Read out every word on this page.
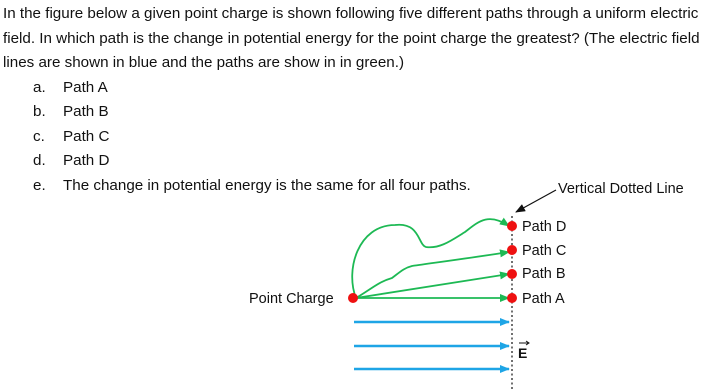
In the figure below a given point charge is shown following five different paths through a uniform electric field. In which path is the change in potential energy for the point charge the greatest? (The electric field lines are shown in blue and the paths are show in in green.)

a.	Path A
b.	Path B
c.	Path C
d.	Path D
e.	The change in potential energy is the same for all four paths.	Vertical Dotted Line
Point Charge
Path D
Path C
Path B
Path A
E
